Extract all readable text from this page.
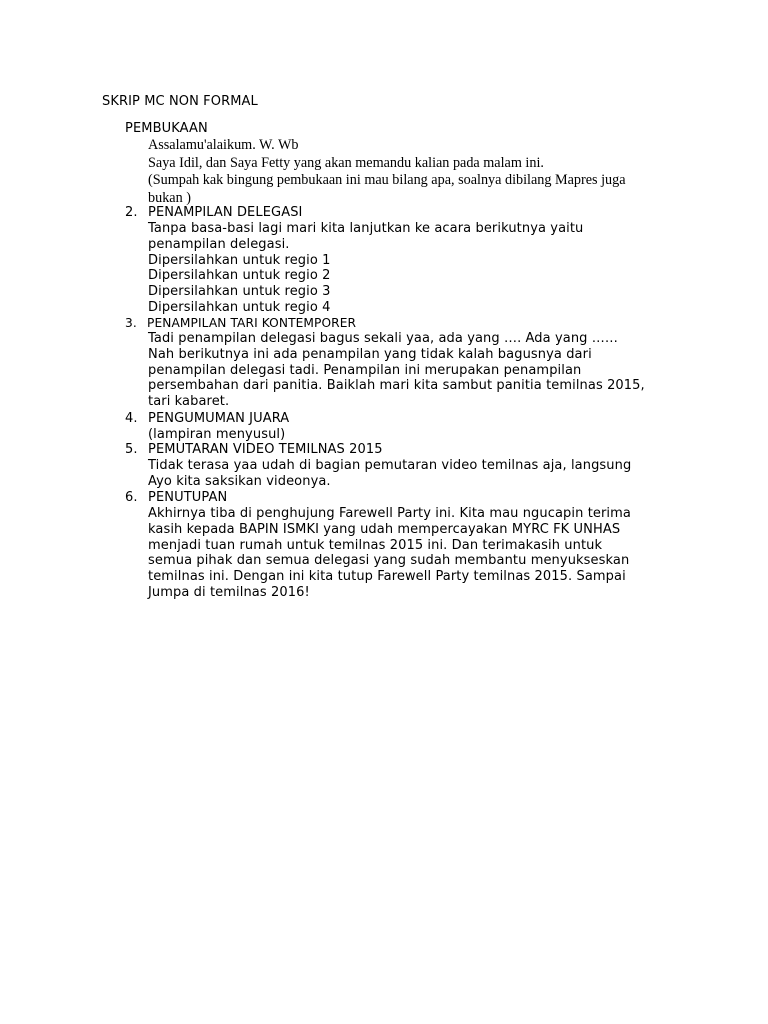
SKRIP MC NON FORMAL
PEMBUKAAN
Assalamu'alaikum. W. Wb
Saya Idil, dan Saya Fetty yang akan memandu kalian pada malam ini.
(Sumpah kak bingung pembukaan ini mau bilang apa, soalnya dibilang Mapres juga
bukan )
2. PENAMPILAN DELEGASI
Tanpa basa-basi lagi mari kita lanjutkan ke acara berikutnya yaitu
penampilan delegasi.
Dipersilahkan untuk regio 1
Dipersilahkan untuk regio 2
Dipersilahkan untuk regio 3
Dipersilahkan untuk regio 4
3. PENAMPILAN TARI KONTEMPORER
Tadi penampilan delegasi bagus sekali yaa, ada yang …. Ada yang ……
Nah berikutnya ini ada penampilan yang tidak kalah bagusnya dari
penampilan delegasi tadi. Penampilan ini merupakan penampilan
persembahan dari panitia. Baiklah mari kita sambut panitia temilnas 2015,
tari kabaret.
4. PENGUMUMAN JUARA
(lampiran menyusul)
5. PEMUTARAN VIDEO TEMILNAS 2015
Tidak terasa yaa udah di bagian pemutaran video temilnas aja, langsung
Ayo kita saksikan videonya.
6. PENUTUPAN
Akhirnya tiba di penghujung Farewell Party ini. Kita mau ngucapin terima
kasih kepada BAPIN ISMKI yang udah mempercayakan MYRC FK UNHAS
menjadi tuan rumah untuk temilnas 2015 ini. Dan terimakasih untuk
semua pihak dan semua delegasi yang sudah membantu menyukseskan
temilnas ini. Dengan ini kita tutup Farewell Party temilnas 2015. Sampai
Jumpa di temilnas 2016!
